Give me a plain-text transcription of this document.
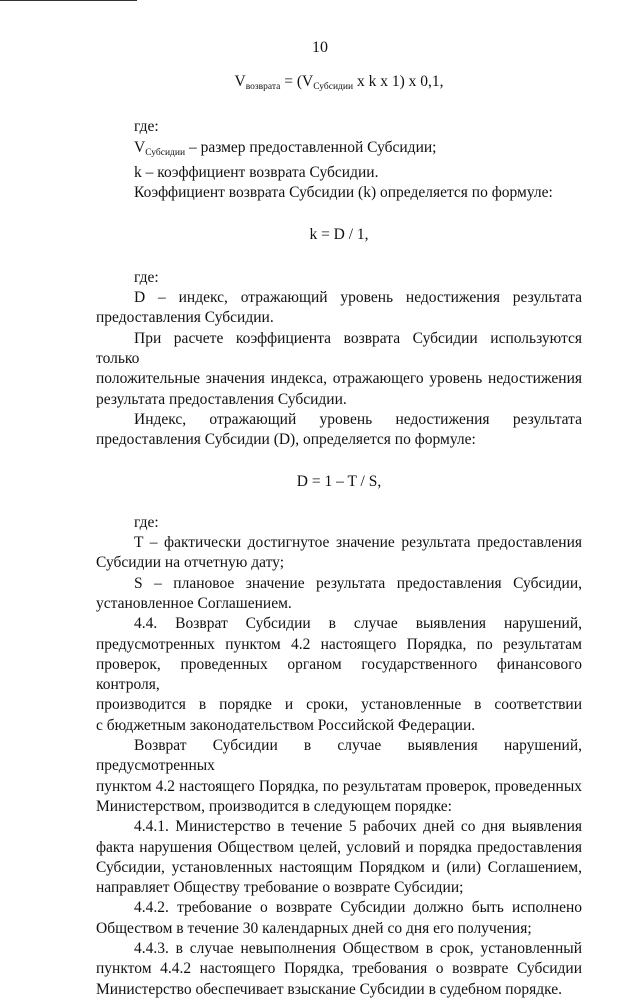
10
$V_{возврата} = (V_{Субсидии}$ x k x 1) x 0,1,
где:
$V_{Субсидии}$ – размер предоставленной Субсидии;
k – коэффициент возврата Субсидии.
Коэффициент возврата Субсидии (k) определяется по формуле:
k = D / 1,
где:
D – индекс, отражающий уровень недостижения результата
предоставления Субсидии.
При расчете коэффициента возврата Субсидии используются только
положительные значения индекса, отражающего уровень недостижения
результата предоставления Субсидии.
Индекс, отражающий уровень недостижения результата
предоставления Субсидии (D), определяется по формуле:
D = 1 – T / S,
где:
T – фактически достигнутое значение результата предоставления
Субсидии на отчетную дату;
S – плановое значение результата предоставления Субсидии,
установленное Соглашением.
4.4. Возврат Субсидии в случае выявления нарушений,
предусмотренных пунктом 4.2 настоящего Порядка, по результатам
проверок, проведенных органом государственного финансового контроля,
производится в порядке и сроки, установленные в соответствии
с бюджетным законодательством Российской Федерации.
Возврат Субсидии в случае выявления нарушений, предусмотренных
пунктом 4.2 настоящего Порядка, по результатам проверок, проведенных
Министерством, производится в следующем порядке:
4.4.1. Министерство в течение 5 рабочих дней со дня выявления
факта нарушения Обществом целей, условий и порядка предоставления
Субсидии, установленных настоящим Порядком и (или) Соглашением,
направляет Обществу требование о возврате Субсидии;
4.4.2. требование о возврате Субсидии должно быть исполнено
Обществом в течение 30 календарных дней со дня его получения;
4.4.3. в случае невыполнения Обществом в срок, установленный
пунктом 4.4.2 настоящего Порядка, требования о возврате Субсидии
Министерство обеспечивает взыскание Субсидии в судебном порядке.
